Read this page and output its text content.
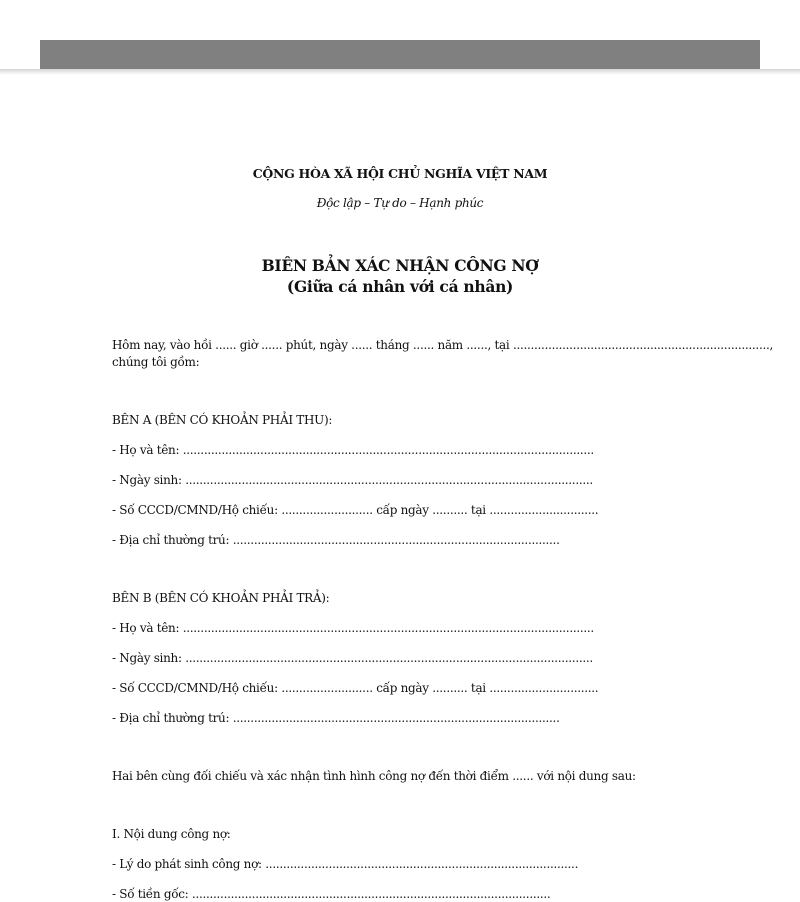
CỘNG HÒA XÃ HỘI CHỦ NGHĨA VIỆT NAM
Độc lập – Tự do – Hạnh phúc
BIÊN BẢN XÁC NHẬN CÔNG NỢ
(Giữa cá nhân với cá nhân)
Hôm nay, vào hồi ...... giờ ...... phút, ngày ...... tháng ...... năm ......, tại .........................................................................,
chúng tôi gồm:
BÊN A (BÊN CÓ KHOẢN PHẢI THU):
- Họ và tên: .....................................................................................................................
- Ngày sinh: ....................................................................................................................
- Số CCCD/CMND/Hộ chiếu: .......................... cấp ngày .......... tại ...............................
- Địa chỉ thường trú: .............................................................................................
BÊN B (BÊN CÓ KHOẢN PHẢI TRẢ):
- Họ và tên: .....................................................................................................................
- Ngày sinh: ....................................................................................................................
- Số CCCD/CMND/Hộ chiếu: .......................... cấp ngày .......... tại ...............................
- Địa chỉ thường trú: .............................................................................................
Hai bên cùng đối chiếu và xác nhận tình hình công nợ đến thời điểm ...... với nội dung sau:
I. Nội dung công nợ:
- Lý do phát sinh công nợ: .........................................................................................
- Số tiền gốc: ......................................................................................................
